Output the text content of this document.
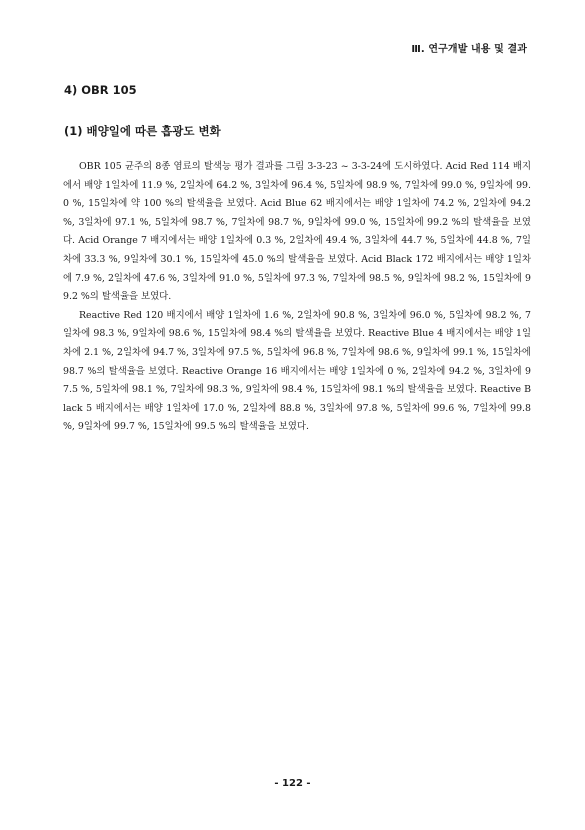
Ⅲ. 연구개발 내용 및 결과
4) OBR 105
(1) 배양일에 따른 흡광도 변화

OBR 105 균주의 8종 염료의 탈색능 평가 결과를 그림 3-3-23 ~ 3-3-24에 도시하였다. Acid Red 114 배지에서 배양 1일차에 11.9 %, 2일차에 64.2 %, 3일차에 96.4 %, 5일차에 98.9 %, 7일차에 99.0 %, 9일차에 99.0 %, 15일차에 약 100 %의 탈색율을 보였다. Acid Blue 62 배지에서는 배양 1일차에 74.2 %, 2일차에 94.2 %, 3일차에 97.1 %, 5일차에 98.7 %, 7일차에 98.7 %, 9일차에 99.0 %, 15일차에 99.2 %의 탈색율을 보였다. Acid Orange 7 배지에서는 배양 1일차에 0.3 %, 2일차에 49.4 %, 3일차에 44.7 %, 5일차에 44.8 %, 7일차에 33.3 %, 9일차에 30.1 %, 15일차에 45.0 %의 탈색율을 보였다. Acid Black 172 배지에서는 배양 1일차에 7.9 %, 2일차에 47.6 %, 3일차에 91.0 %, 5일차에 97.3 %, 7일차에 98.5 %, 9일차에 98.2 %, 15일차에 99.2 %의 탈색율을 보였다.

Reactive Red 120 배지에서 배양 1일차에 1.6 %, 2일차에 90.8 %, 3일차에 96.0 %, 5일차에 98.2 %, 7일차에 98.3 %, 9일차에 98.6 %, 15일차에 98.4 %의 탈색율을 보였다. Reactive Blue 4 배지에서는 배양 1일차에 2.1 %, 2일차에 94.7 %, 3일차에 97.5 %, 5일차에 96.8 %, 7일차에 98.6 %, 9일차에 99.1 %, 15일차에 98.7 %의 탈색율을 보였다. Reactive Orange 16 배지에서는 배양 1일차에 0 %, 2일차에 94.2 %, 3일차에 97.5 %, 5일차에 98.1 %, 7일차에 98.3 %, 9일차에 98.4 %, 15일차에 98.1 %의 탈색율을 보였다. Reactive Black 5 배지에서는 배양 1일차에 17.0 %, 2일차에 88.8 %, 3일차에 97.8 %, 5일차에 99.6 %, 7일차에 99.8 %, 9일차에 99.7 %, 15일차에 99.5 %의 탈색율을 보였다.

- 122 -
